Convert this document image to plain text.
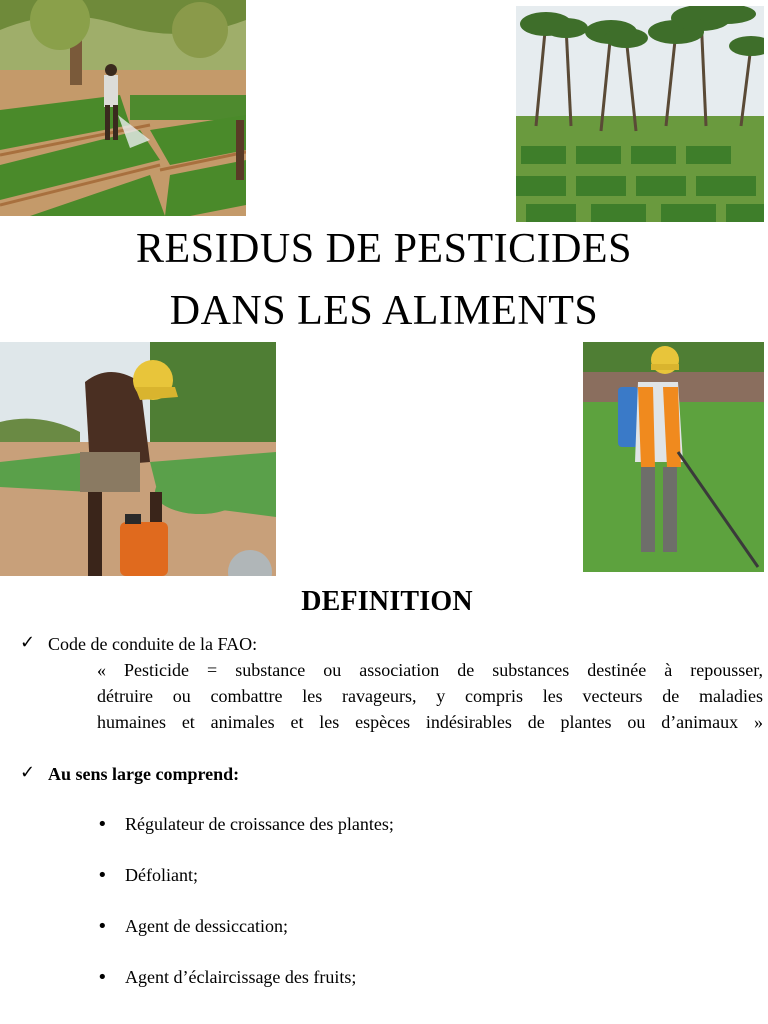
RESIDUS DE PESTICIDES
DANS LES ALIMENTS
DEFINITION
✓ Code de conduite de la FAO:
« Pesticide = substance ou association de substances destinée à repousser,
détruire ou combattre les ravageurs, y compris les vecteurs de maladies
humaines et animales et les espèces indésirables de plantes ou d’animaux »
✓ Au sens large comprend:
• Régulateur de croissance des plantes;
• Défoliant;
• Agent de dessiccation;
• Agent d’éclaircissage des fruits;
